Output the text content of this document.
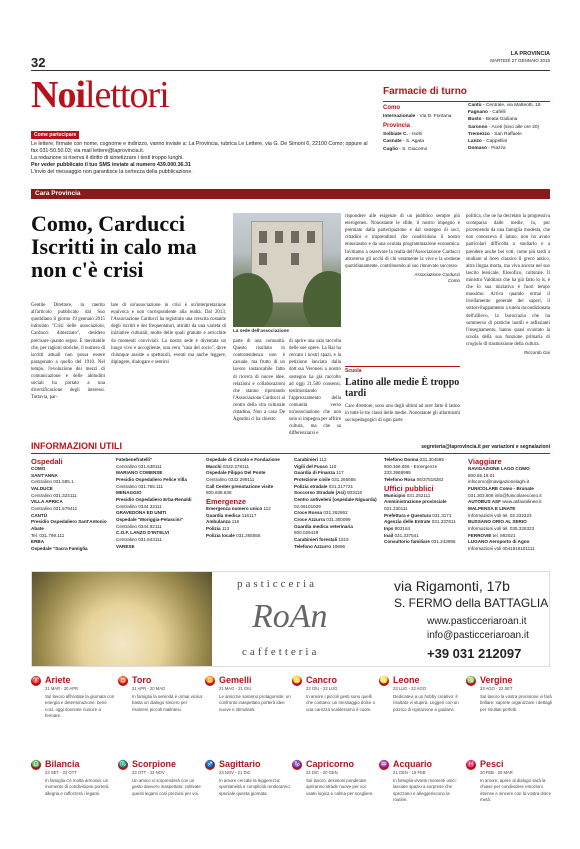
32
LA PROVINCIA
MARTEDÌ 27 GENNAIO 2015
Noilettori
Come partecipare

Le lettere, firmate con nome, cognome e indirizzo, vanno inviate a: La Provincia, rubrica Le Lettere, via G. De Simoni 6, 22100 Como; oppure al fax 031-50.50.03; via mail lettere@laprovincia.it.

La redazione si riserva il diritto di sintetizzare i testi troppo lunghi.

Per veder pubblicato il tuo SMS inviate al numero 439.000.36.31

L'invio del messaggio non garantisce la certezza della pubblicazione.

Farmacie di turno
Como
Internazionale - Via D. Fontana
Provincia
Solbiate C. - Isolti
Casnate - S. Agata
Cuglio - S. Giacomo
Cantù - Centrale, via Matteotti, 18
Fagnano - Cafelli
Busto - Beata Giuliana
Saronno - Aceti (sino alle ore 20)
Tremezzo - San Raffaele
Lanzo - Cappellini
Domaso - Piazza
Cara Provincia
Como, Carducci Iscritti in calo ma non c'è crisi
Gentile Direttore, in merito all'articolo pubblicato dal Suo quotidiano il giorno 19 gennaio 2015 intitolato "Crisi delle associazioni, Carducci dimezzato", desidero precisare quanto segue. È inevitabile che, per ragioni storiche, il numero di iscritti attuali non possa essere paragonato a quello del 1910. Nel tempo, l'evoluzione dei mezzi di comunicazione e delle abitudini sociali ha portato a una diversificazione degli interessi. Tuttavia, par-
lare di un'associazione in crisi è un'interpretazione equivoca e non corrispondente alla realtà. Dal 2013, l'Associazione Carducci ha registrato una crescita costante degli iscritti e dei frequentatori, attratti da una varietà di iniziative culturali, molte delle quali gratuite e arricchite da momenti conviviali. La nostra sede è diventata un luogo vivo e accogliente, una vera "casa del socio", dove chiunque assiste a spettacoli, eventi ma anche leggere, dipingere, dialogare e sentirsi
La sede dell'associazione
parte di una comunità. Questo risultato in controtendenza non è casuale, ma frutto di un lavoro instancabile fatto di ricerca di nuove idee, relazioni e collaborazioni che stanno riportando l'Associazione Carducci al centro della vita culturale cittadina. Non a caso De Agostini ci ha chiesto
di aprire una sala raccolta delle sue opere. La Rai ha cercato i nostri spazi, e la petizione lanciata dalla dott.ssa Veronesi a nostro sostegno ha già raccolto ad oggi 21.500 consensi, testimoniando l'apprezzamento della comunità verso un'associazione che non solo si impegna per offrire cultura, ma che sa differenziarsi e
rispondere alle esigenze di un pubblico sempre più eterogeneo. Nonostante le sfide, il nostro impegno è premiato dalla partecipazione e dal sostegno di soci, cittadini e imprenditori che condividono il nostro entusiasmo e da una oculata programmazione economica. Invitiamo a osservare la realtà dell'Associazione Carducci attraverso gli occhi di chi veramente la vive e la sostiene quotidianamente, contribuendo al suo rinnovato successo.
Associazione Carducci
Como
Scuola
Latino alle medie È troppo tardi
Caro direttore, sono uno degli ultimi ad aver fatto il latino in tutte le tre classi delle medie. Nonostante gli allarmismi sociopedagogici di ogni parte
politica, che ne ha decretato la progressiva scomparsa dalle medie, in, pur provenendo da una famiglia modesta, che non conosceva il latino, non ho avuto particolari difficoltà a studiarlo e a prendere anche bei voti, come più tardi a studiare al liceo classico il greco antico, altra lingua morta, ma viva ancora nel suo lascito lessicale, filosofico, culturale. Il ministro Valditara che ha già fatto lo is, è che lo sua iniziativa è fuori tempo massimo. Arriva quando ormai il livellamento generale dei saperi, il sottosviluppamento a tutela incondizionata dell'allievo, la burocrazia che ha sommerso di pratiche inutili e asfissianti l'insegnamento, hanno quasi svuotato la scuola della sua funzione primaria di crogiolo di trasmissione della cultura.
Riccardo Gui
INFORMAZIONI UTILI	segreteria@laprovincia.it per variazioni e segnalazioni
Ospedali
COMO
SANT'ANNA
Centralino 031.585.1
VALDUCE
Centralino 031.324111
VILLA APRICA
Centralino 031.579411
CANTÙ
Presidio Ospedaliero Sant'Antonio Abate
Tel. 031.799.111
ERBA
Ospedale "Sacra Famiglia
Fatebenefratelli"
Centralino 031.638111
MARIANO COMENSE
Presidio Ospedaliero Felice Villa
Centralino 031.755.111
MENAGGIO
Presidio Ospedaliero Erba-Renaldi
Centralino 0344.33111
GRAVEDONA ED UNITI
Ospedale "Moriggia-Pelascini"
Centralino 0344.92111
C.O.F. LANZO D'INTELVI
Centralino 031.843111
VARESE
Ospedale di Circolo e Fondazione Macchi 0332.278111
Ospedale Filippo Del Ponte
Centralino 0332.299111
Call Center prenotazione visite
800.638.638
Emergenze
Emergenza numero unico 112
Guardia medica 116117
Ambulanza 118
Polizia 113
Polizia locale 031.265555
Carabinieri 112
Vigili del Fuoco 115
Guardia di Finanza 117
Protezione civile 031.265555
Polizia stradale 031.317721
Soccorso Stradale (Aci) 803116
Centro antiveleni (ospedale Niguarda) 02.66101029
Croce Rossa 031.262862
Croce Azzurra 031.300099
Guardia medica veterinaria
800.029449
Carabinieri forestali 1515
Telefono Azzurro 19696
Telefono Donna 031.304585 - 800.166.656 - Emergenze 333.3968995
Telefono Rosa 06/37518282
Uffici pubblici
Municipio 031.252111
Amministrazione provinciale
031.230111
Prefettura e Questura 031.3171
Agenzia delle Entrate 031.337811
Inps 803164
Inail 031.337541
Consultorio familiare 031.243896
Viaggiare
NAVIGAZIONE LAGO COMO
800.55.18.01
infocomo@navigazionelaghi.it
FUNICOLARE Como - Brunate
031.303.608 info@funicolarecomo.it
AUTOBUS ASF www.asfautolinee.it
MALPENSA E LINATE
Informazioni voli tel. 02.232323
BUSSANO ORIO AL SERIO
Informazioni voli tel. 035.326323
FERROVIE tel. 892021
LUGANO Aeroporto di Agno
Informazioni voli 0041916101111
pasticceria
RoAn
caffetteria
via Rigamonti, 17b
S. FERMO della BATTAGLIA
www.pasticceriaroan.it
info@pasticceriaroan.it
+39 031 212097
♈ Ariete
21 MAR - 20 APR
Sul lavoro affrontate la giornata con energia e determinazione: bene così, oggi dovreste riuscire a fermare.
♉ Toro
21 APR - 20 MAG
In famiglia la serenità è ormai vicina: basta un dialogo sincero per risolvere piccoli malintesi.
♊ Gemelli
21 MAG - 21 GIU
Le amicizie saranno protagoniste: un confronto inaspettato porterà idee nuove e stimolanti.
♋ Cancro
22 GIU - 22 LUG
In amore i piccoli gesti sono quelli che contano: un messaggio dolce o una carezza scalderanno il cuore.
♌ Leone
23 LUG - 22 AGO
Dedicatevi a un hobby creativo: il risultato vi stupirà. Leggeri con un pizzico di ispirazione a guidarvi.
♍ Vergine
23 AGO - 22 SET
Sul lavoro la vostra precisione vi farà brillare: saprete organizzare i dettagli per risultati perfetti.
♎ Bilancia
23 SET - 22 OTT
In famiglia c'è molta armonia: un momento di condivisione porterà allegria e rafforzerà i legami.
♏ Scorpione
23 OTT - 22 NOV
Un amico vi sorprenderà con un gesto davvero inaspettato: coltivate questi legami così preziosi per voi.
♐ Sagittario
23 NOV - 21 DIC
In amore cercate la leggerezza: spontaneità e complicità renderanno speciale questa giornata.
♑ Capricorno
22 DIC - 20 GEN
Sul lavoro, decisioni ponderate apriranno strade nuove per voi: usate logica e calma per scegliere.
♒ Acquario
21 GEN - 19 FEB
In famiglia vivrete momenti unici: lasciate spazio a sorprese che spezzano e alleggeriscono la routine.
♓ Pesci
20 FEB - 20 MAR
In amore, aprire al dialogo sarà la chiave per condividere emozioni intense e sincere con la vostra dolce metà.
